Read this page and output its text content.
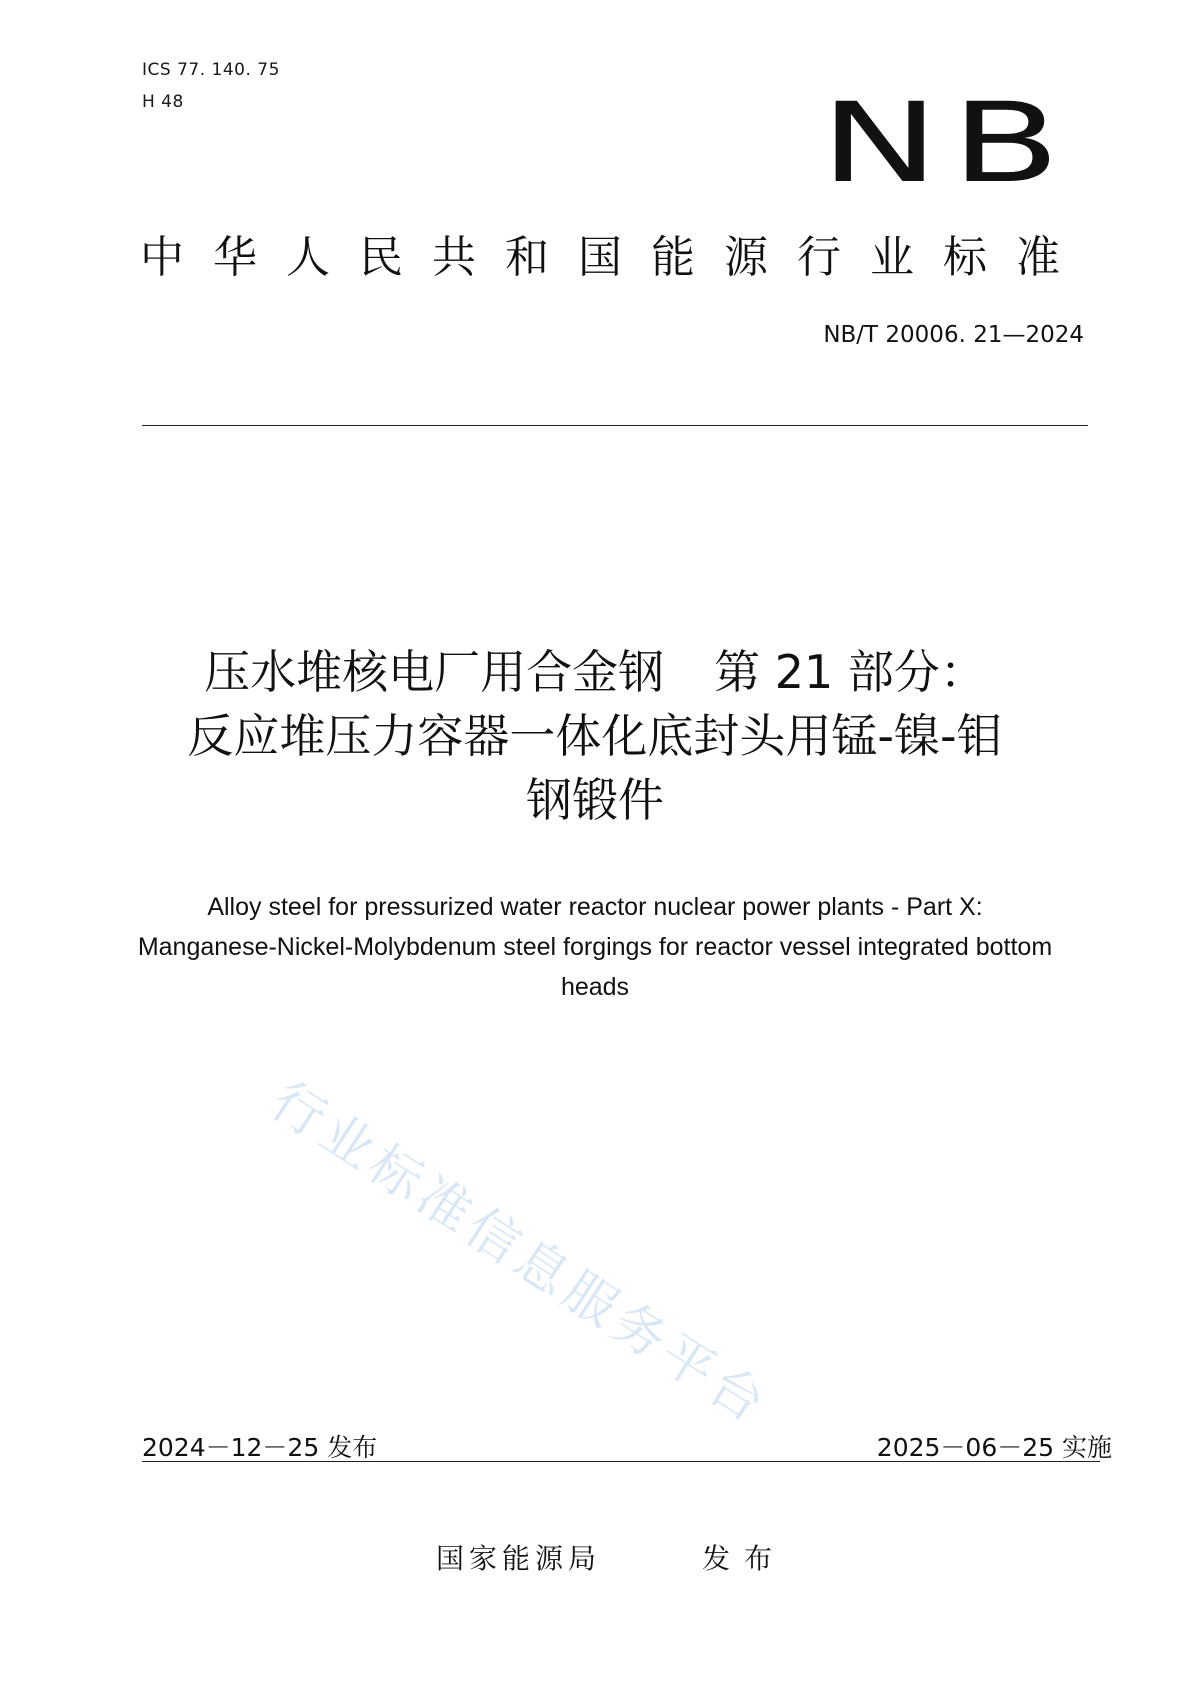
ICS 77. 140. 75
H 48	NB
中华人民共和国能源行业标准
NB/T 20006. 21—2024
行业标准信息服务平台
压水堆核电厂用合金钢 第 21 部分：
反应堆压力容器一体化底封头用锰-镍-钼
钢锻件
Alloy steel for pressurized water reactor nuclear power plants - Part X:
Manganese-Nickel-Molybdenum steel forgings for reactor vessel integrated bottom
heads
2024－12－25 发布	2025－06－25 实施
国家能源局	发布
